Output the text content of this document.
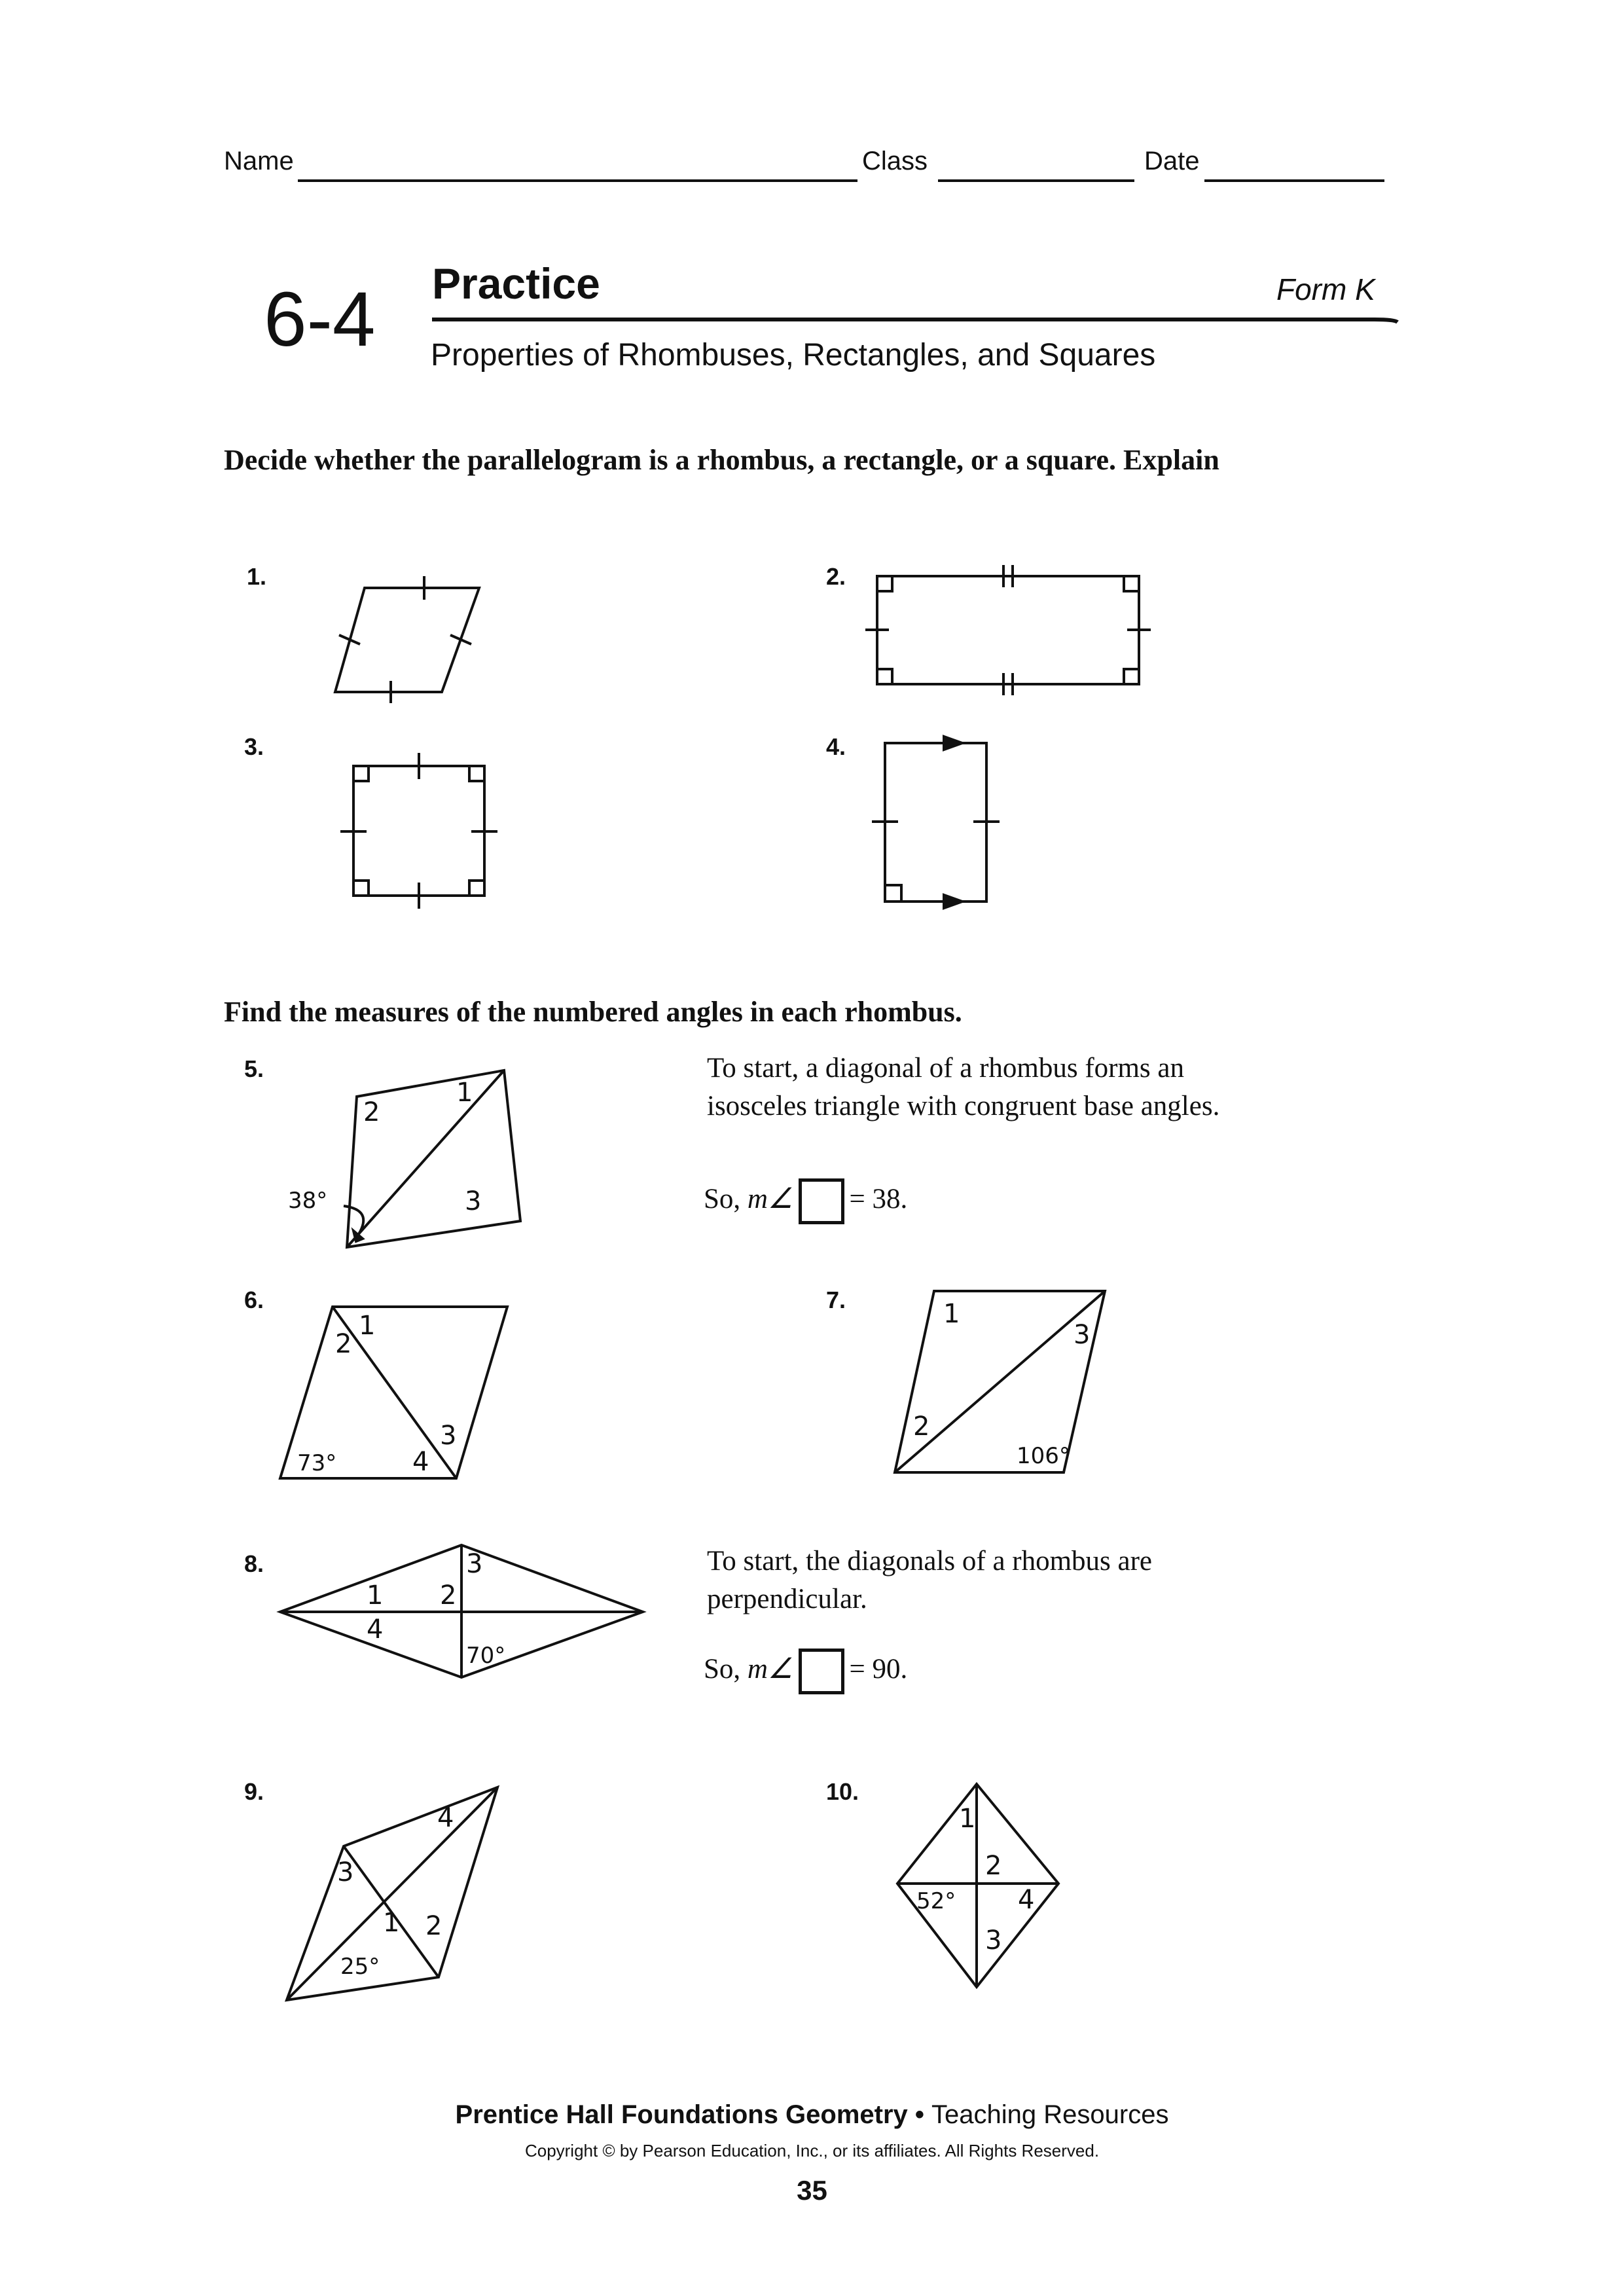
Name	Class	Date
6-4 Practice	Form K
Properties of Rhombuses, Rectangles, and Squares
Decide whether the parallelogram is a rhombus, a rectangle, or a square. Explain
1.	2.
3.	4.
Find the measures of the numbered angles in each rhombus.
5.
2
1
3
38°
To start, a diagonal of a rhombus forms an isosceles triangle with congruent base angles.
So, m∠ = 38.
6.
1
2
3
4
73°
7.	1
3
2
106°
8.	3
1 2
4
70°
To start, the diagonals of a rhombus are perpendicular.
So, m∠ = 90.
9.
4
3
1 2
25°
10.
1
2
52° 4
3
Prentice Hall Foundations Geometry • Teaching Resources
Copyright © by Pearson Education, Inc., or its affiliates. All Rights Reserved.
35
